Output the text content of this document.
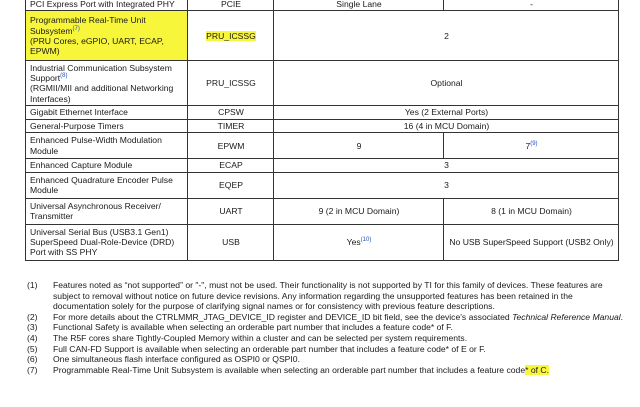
PCI Express Port with Integrated PHY	PCIE	Single Lane	-
Programmable Real-Time Unit
Subsystem$^{(7)}$
(PRU Cores, eGPIO, UART, ECAP, EPWM)	PRU_ICSSG	2	
Industrial Communication Subsystem Support$^{(8)}$
(RGMII/MII and additional Networking Interfaces)	PRU_ICSSG	Optional	
Gigabit Ethernet Interface	CPSW	Yes (2 External Ports)	
General-Purpose Timers	TIMER	16 (4 in MCU Domain)	
Enhanced Pulse-Width Modulation Module	EPWM	9	7$^{(9)}$
Enhanced Capture Module	ECAP	3	
Enhanced Quadrature Encoder Pulse Module	EQEP	3	
Universal Asynchronous Receiver/ Transmitter	UART	9 (2 in MCU Domain)	8 (1 in MCU Domain)
Universal Serial Bus (USB3.1 Gen1) SuperSpeed Dual-Role-Device (DRD) Port with SS PHY	USB	Yes$^{(10)}$	No USB SuperSpeed Support (USB2 Only)
(1)	Features noted as “not supported” or "-", must not be used. Their functionality is not supported by TI for this family of devices. These features are subject to removal without notice on future device revisions. Any information regarding the unsupported features has been retained in the documentation solely for the purpose of clarifying signal names or for consistency with previous feature descriptions.
(2)	For more details about the CTRLMMR_JTAG_DEVICE_ID register and DEVICE_ID bit field, see the device's associated Technical Reference Manual.
(3)	Functional Safety is available when selecting an orderable part number that includes a feature code* of F.
(4)	The R5F cores share Tightly-Coupled Memory within a cluster and can be selected per system requirements.
(5)	Full CAN-FD Support is available when selecting an orderable part number that includes a feature code* of E or F.
(6)	One simultaneous flash interface configured as OSPI0 or QSPI0.
(7)	Programmable Real-Time Unit Subsystem is available when selecting an orderable part number that includes a feature code* of C.
